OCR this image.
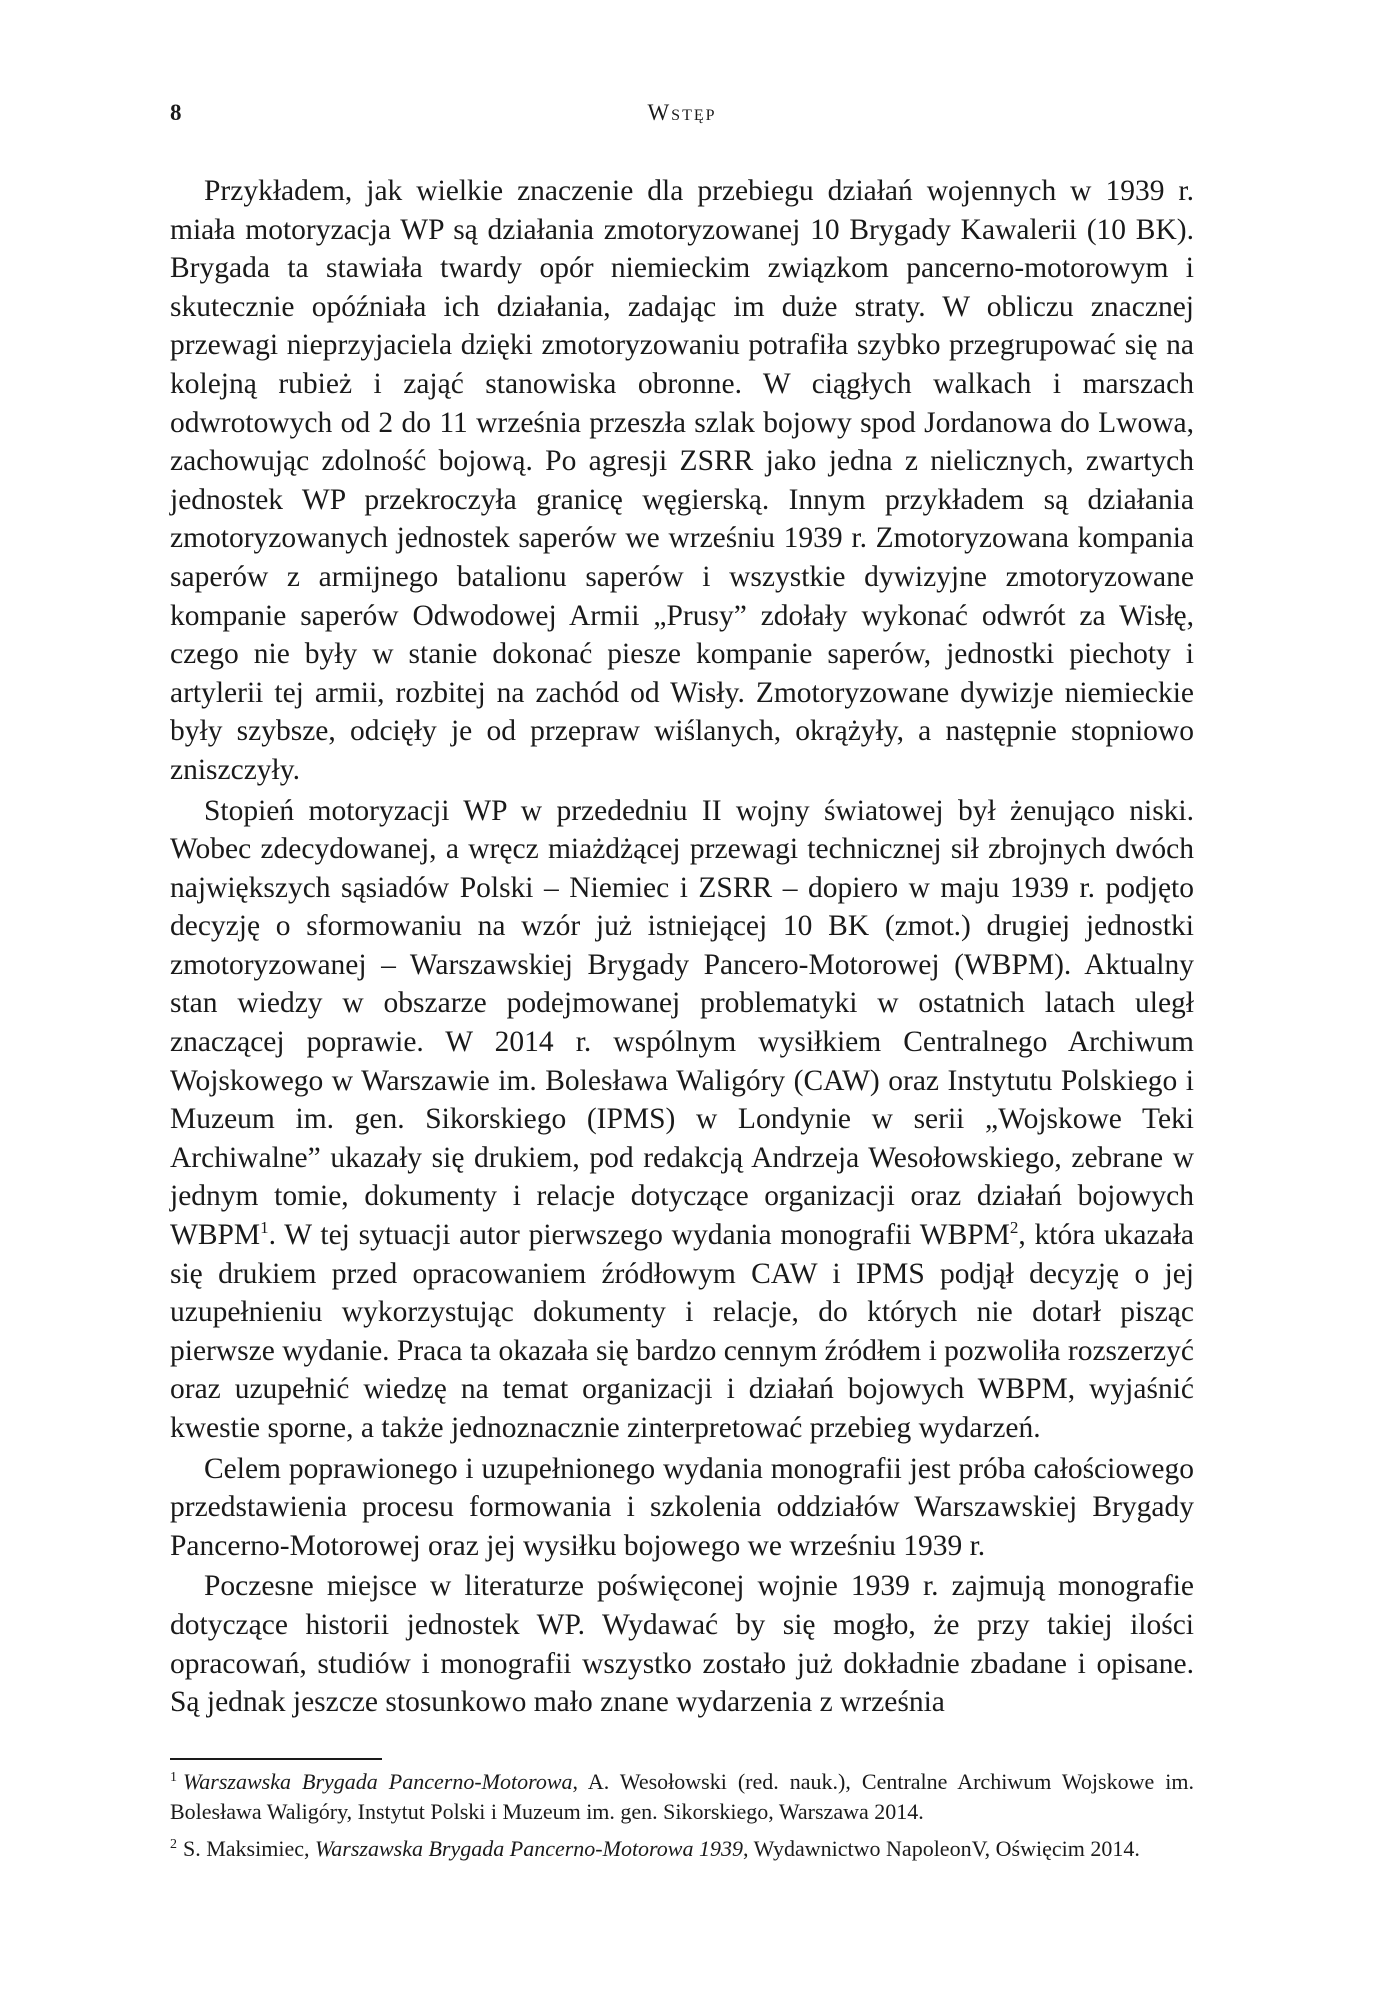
8	Wstęp

Przykładem, jak wielkie znaczenie dla przebiegu działań wojennych w 1939 r. miała motoryzacja WP są działania zmotoryzowanej 10 Brygady Kawalerii (10 BK). Brygada ta stawiała twardy opór niemieckim związkom pancerno-motorowym i skutecznie opóźniała ich działania, zadając im duże straty. W obliczu znacznej przewagi nieprzyjaciela dzięki zmotoryzowaniu potrafiła szybko przegrupować się na kolejną rubież i zająć stanowiska obronne. W ciągłych walkach i marszach odwrotowych od 2 do 11 września przeszła szlak bojowy spod Jordanowa do Lwowa, zachowując zdolność bojową. Po agresji ZSRR jako jedna z nielicznych, zwartych jednostek WP przekroczyła granicę węgierską. Innym przykładem są działania zmotoryzowanych jednostek saperów we wrześniu 1939 r. Zmotoryzowana kompania saperów z armijnego batalionu saperów i wszystkie dywizyjne zmotoryzowane kompanie saperów Odwodowej Armii „Prusy” zdołały wykonać odwrót za Wisłę, czego nie były w stanie dokonać piesze kompanie saperów, jednostki piechoty i artylerii tej armii, rozbitej na zachód od Wisły. Zmotoryzowane dywizje niemieckie były szybsze, odcięły je od przepraw wiślanych, okrążyły, a następnie stopniowo zniszczyły.

Stopień motoryzacji WP w przededniu II wojny światowej był żenująco niski. Wobec zdecydowanej, a wręcz miażdżącej przewagi technicznej sił zbrojnych dwóch największych sąsiadów Polski – Niemiec i ZSRR – dopiero w maju 1939 r. podjęto decyzję o sformowaniu na wzór już istniejącej 10 BK (zmot.) drugiej jednostki zmotoryzowanej – Warszawskiej Brygady Pancero-Motorowej (WBPM). Aktualny stan wiedzy w obszarze podejmowanej problematyki w ostatnich latach uległ znaczącej poprawie. W 2014 r. wspólnym wysiłkiem Centralnego Archiwum Wojskowego w Warszawie im. Bolesława Waligóry (CAW) oraz Instytutu Polskiego i Muzeum im. gen. Sikorskiego (IPMS) w Londynie w serii „Wojskowe Teki Archiwalne” ukazały się drukiem, pod redakcją Andrzeja Wesołowskiego, zebrane w jednym tomie, dokumenty i relacje dotyczące organizacji oraz działań bojowych WBPM$^1$. W tej sytuacji autor pierwszego wydania monografii WBPM$^2$, która ukazała się drukiem przed opracowaniem źródłowym CAW i IPMS podjął decyzję o jej uzupełnieniu wykorzystując dokumenty i relacje, do których nie dotarł pisząc pierwsze wydanie. Praca ta okazała się bardzo cennym źródłem i pozwoliła rozszerzyć oraz uzupełnić wiedzę na temat organizacji i działań bojowych WBPM, wyjaśnić kwestie sporne, a także jednoznacznie zinterpretować przebieg wydarzeń.

Celem poprawionego i uzupełnionego wydania monografii jest próba całościowego przedstawienia procesu formowania i szkolenia oddziałów Warszawskiej Brygady Pancerno-Motorowej oraz jej wysiłku bojowego we wrześniu 1939 r.

Poczesne miejsce w literaturze poświęconej wojnie 1939 r. zajmują monografie dotyczące historii jednostek WP. Wydawać by się mogło, że przy takiej ilości opracowań, studiów i monografii wszystko zostało już dokładnie zbadane i opisane. Są jednak jeszcze stosunkowo mało znane wydarzenia z września

$^1$ Warszawska Brygada Pancerno-Motorowa, A. Wesołowski (red. nauk.), Centralne Archiwum Wojskowe im. Bolesława Waligóry, Instytut Polski i Muzeum im. gen. Sikorskiego, Warszawa 2014.

$^2$ S. Maksimiec, Warszawska Brygada Pancerno-Motorowa 1939, Wydawnictwo NapoleonV, Oświęcim 2014.
